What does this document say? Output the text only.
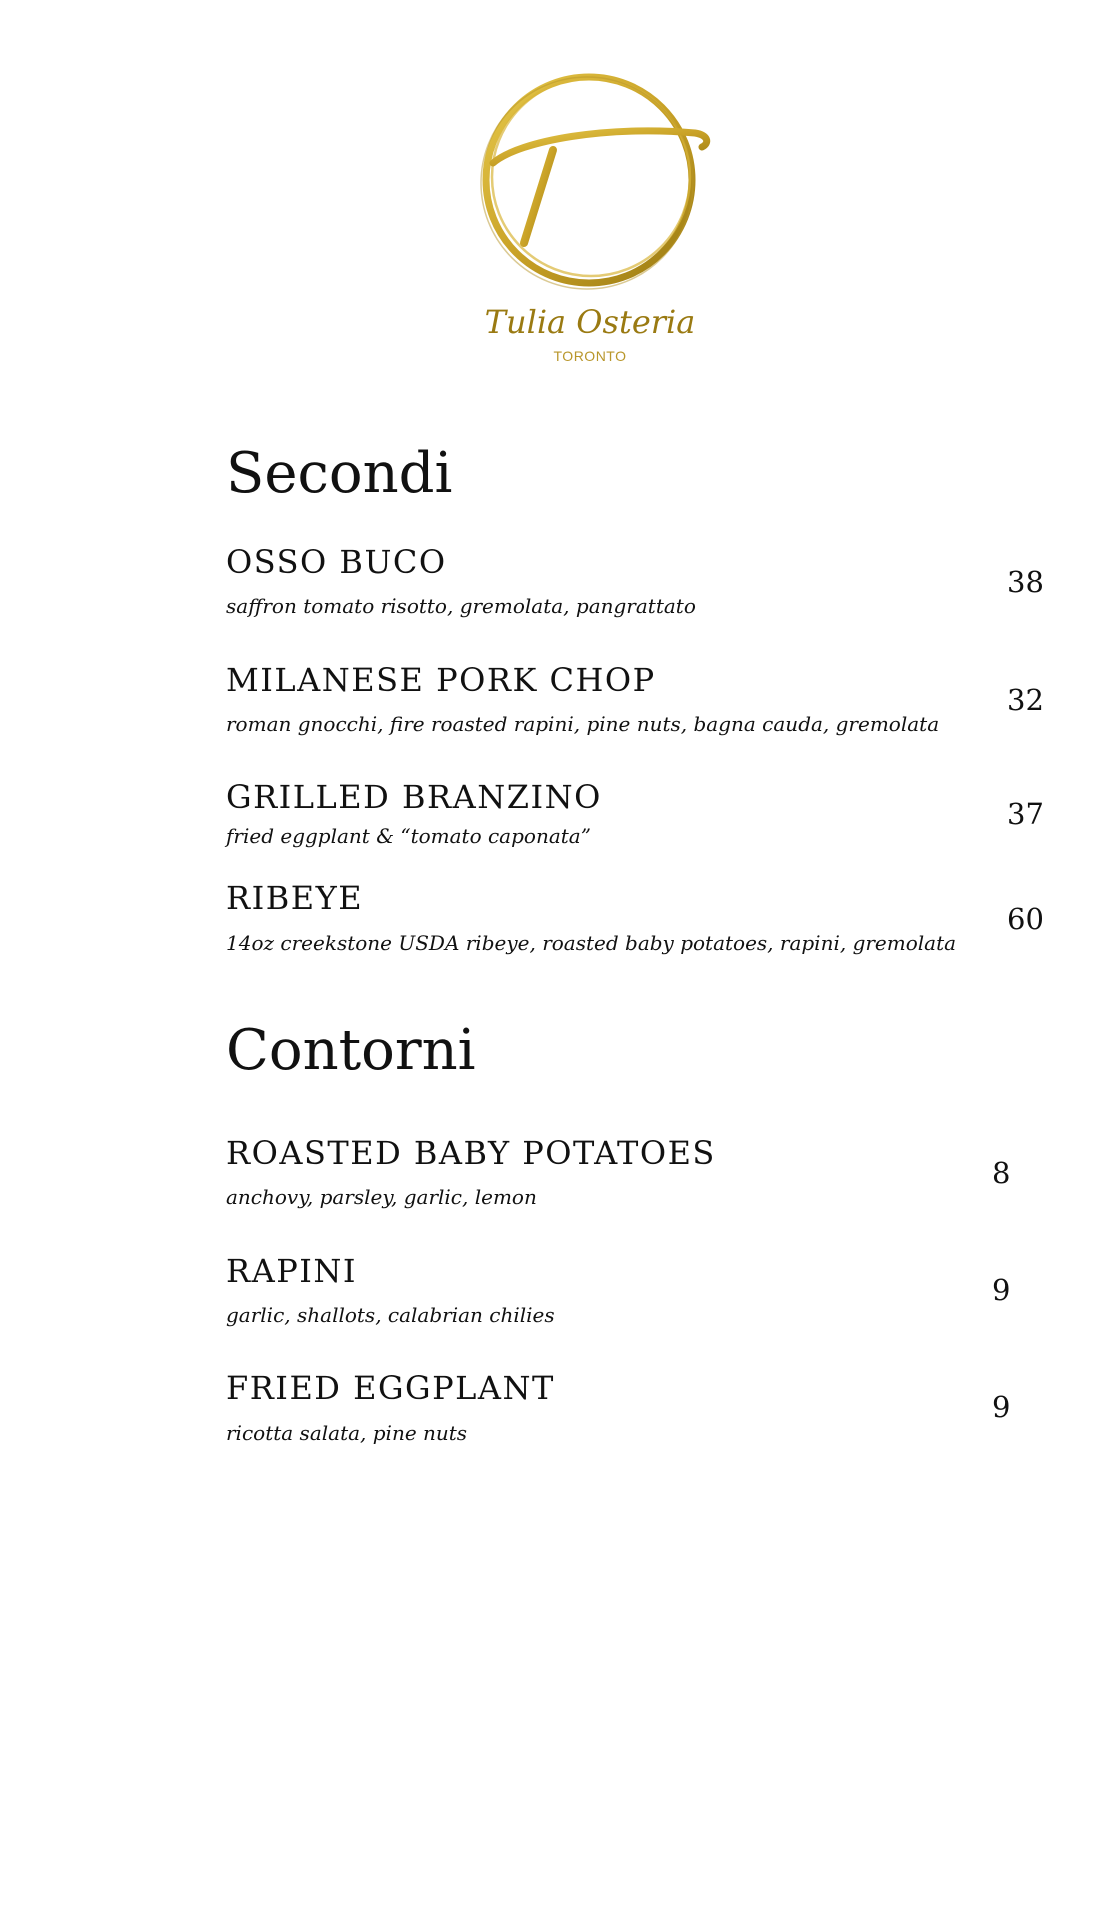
Tulia Osteria
TORONTO
Secondi
OSSO BUCO
saffron tomato risotto, gremolata, pangrattato
38
MILANESE PORK CHOP
roman gnocchi, fire roasted rapini, pine nuts, bagna cauda, gremolata
32
GRILLED BRANZINO
fried eggplant & “tomato caponata”
37
RIBEYE
14oz creekstone USDA ribeye, roasted baby potatoes, rapini, gremolata
60
Contorni
ROASTED BABY POTATOES
anchovy, parsley, garlic, lemon
8
RAPINI
garlic, shallots, calabrian chilies
9
FRIED EGGPLANT
ricotta salata, pine nuts
9
